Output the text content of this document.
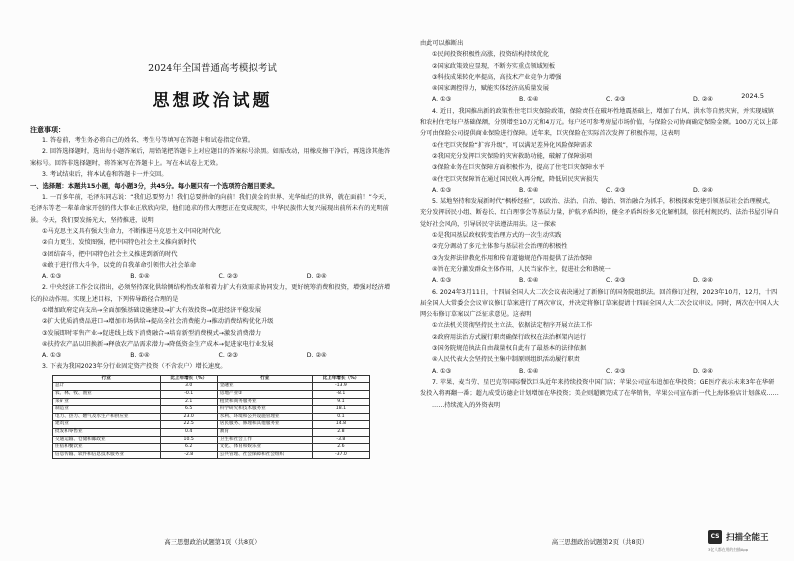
2024年全国普通高考模拟考试
思想政治试题
注意事项：
1. 答卷前，考生务必将自己的姓名、考生号等填写在答题卡和试卷指定位置。
2. 回答选择题时，选出每小题答案后，用铅笔把答题卡上对应题目的答案标号涂黑。如需改动，用橡皮擦干净后，再选涂其他答案标号。回答非选择题时，将答案写在答题卡上。写在本试卷上无效。
3. 考试结束后，将本试卷和答题卡一并交回。
一、选择题：本题共15小题，每小题3分，共45分。每小题只有一个选项符合题目要求。
1. 一百多年前，毛泽东同志说：“我们总要努力！我们总要拼命的向前！我们黄金的世界、光华灿烂的世界，就在面前！”今天，毛泽东等老一辈革命家开创的伟大事业正欣欣向荣，他们追求的伟大理想正在变成现实，中华民族伟大复兴展现出前所未有的光明前景。今天，我们要发扬光大，坚持推进，说明
①马克思主义具有强大生命力，不断推进马克思主义中国化时代化
②自力更生、发愤图强，把中国特色社会主义推向新时代
③团结奋斗，把中国特色社会主义推进到新的时代
④敢于进行伟大斗争，以党的自我革命引领伟大社会革命
A. ①③	B. ①④	C. ②③	D. ②④
2. 中央经济工作会议指出，必须坚持深化供给侧结构性改革和着力扩大有效需求协同发力，更好统筹消费和投资，增强对经济增长的拉动作用。实现上述目标，下列传导路径合理的是
①增加政府定向支出→全面加强基础设施建设→扩大有效投资→促进经济平稳发展
②扩大优质消费品进口→增加市场供给→提高全社会消费能力→推动消费结构优化升级
③发展即时零售产业→促进线上线下消费融合→培育新型消费模式→激发消费潜力
④扶持农产品以旧换新→释放农产品需求潜力→降低资金生产成本→促进家电行业发展
A. ①③	B. ①④	C. ②③	D. ②④
3. 下表为我国2023年分行业固定资产投资（不含农户）增长速度。
行业	比上年增长（%）	行业	比上年增长（%）
总计	3.0	金融业	-13.9
农、林、牧、渔业	-0.1	房地产业②	-8.1
采矿业	2.1	租赁和商务服务业	9.1
制造业	6.5	科学研究和技术服务业	18.1
电力、热力、燃气及水生产和供应业	23.0	水利、环境和公共设施管理业	0.1
建筑业	22.5	居民服务、修理和其他服务业	14.8
批发和零售业	0.4	教育	2.8
交通运输、仓储和邮政业	10.5	卫生和社会工作	-3.8
住宿和餐饮业	6.2	文化、体育和娱乐业	2.6
信息传输、软件和信息技术服务业	-2.8	公共管理、社会保障和社会组织	-37.0
2024.5
由此可以推断出
①民间投资积极性高涨，投资结构持续优化
②国家政策效应显现，不断夯实重点领域短板
③科技成果转化率提高，高技术产业竞争力增强
④国家调控得力，赋能实体经济高质量发展
A. ①③	B. ①④	C. ②③	D. ②④
4. 近日，我国推出新的政策性住宅巨灾保险政策，保险责任在破坏性地震基础上，增加了台风、洪水等自然灾害，并实现城镇和农村住宅每户基础保额，分别增至10万元和4万元。每户还可参考房屋市场价值，与保险公司协商确定保险金额。100万元以上部分可由保险公司提供商业保险进行保障。近年来，巨灾保险在实际首次发挥了积极作用，这表明
①住宅巨灾保险“扩容升级”，可以满足差异化风险保障需求
②我国充分发挥巨灾保险的灾害救助功能，破解了保障弱项
③保险业务在巨灾保障方面积极作为，提高了住宅巨灾保障水平
④住宅巨灾保障旨在通过国民收入再分配，降低居民灾害损失
A. ①③	B. ①④	C. ②③	D. ②④
5. 某地坚持和发展新时代“枫桥经验”，以政治、法治、自治、德治、智治融合为抓手，积极探索党建引领基层社会治理模式，充分发挥居民小组、断卷长、红白理事会等基层力量，护航矛盾纠纷，健全矛盾纠纷多元化解机制，依托村规民约、法治书屋引导自觉好社会风尚，引导居民守法遵法用法。这一探索
①是我国基层政权转变治理方式的一次生动实践
②充分调动了多元主体参与基层社会治理的积极性
③为发挥法律教化作用和传育道德规范作用提供了法治保障
④旨在充分激发群众主体作用，人民当家作主，促进社会和谐统一
A. ①③	B. ①④	C. ②③	D. ②④
6. 2024年3月11日，十四届全国人大二次会议表决通过了新修订的国务院组织法。回首修订过程，2023年10月，12月，十四届全国人大常委会会议审议修订草案进行了两次审议，并决定将修订草案提请十四届全国人大二次会议审议。同时，两次在中国人大网公布修订草案以广泛征求意见。这表明
①立法机关贯彻坚持民主立法、依据法定程序开展立法工作
②政府用法治方式履行职责确保行政权在法治框架内运行
③国务院规范执法自由裁量权自此有了最基本的法律依据
④人民代表大会坚持民主集中制原则组织活动履行职责
A. ①③	B. ①④	C. ②③	D. ②④
7. 苹果、麦当劳、星巴克等国际餐饮巨头近年来持续投资中国门店；苹果公司宣布追加在华投资；GE医疗表示未来3年在华研发投入将再翻一番；超九成受访德企计划增加在华投资；美企则超额完成了在华销售，苹果公司宣布新一代上海体验店计划落成……
……持续流入的外资表明
高三思想政治试题第1页（共8页）	高三思想政治试题第2页（共8页）
CS 扫描全能王
3亿人都在用的扫描App
